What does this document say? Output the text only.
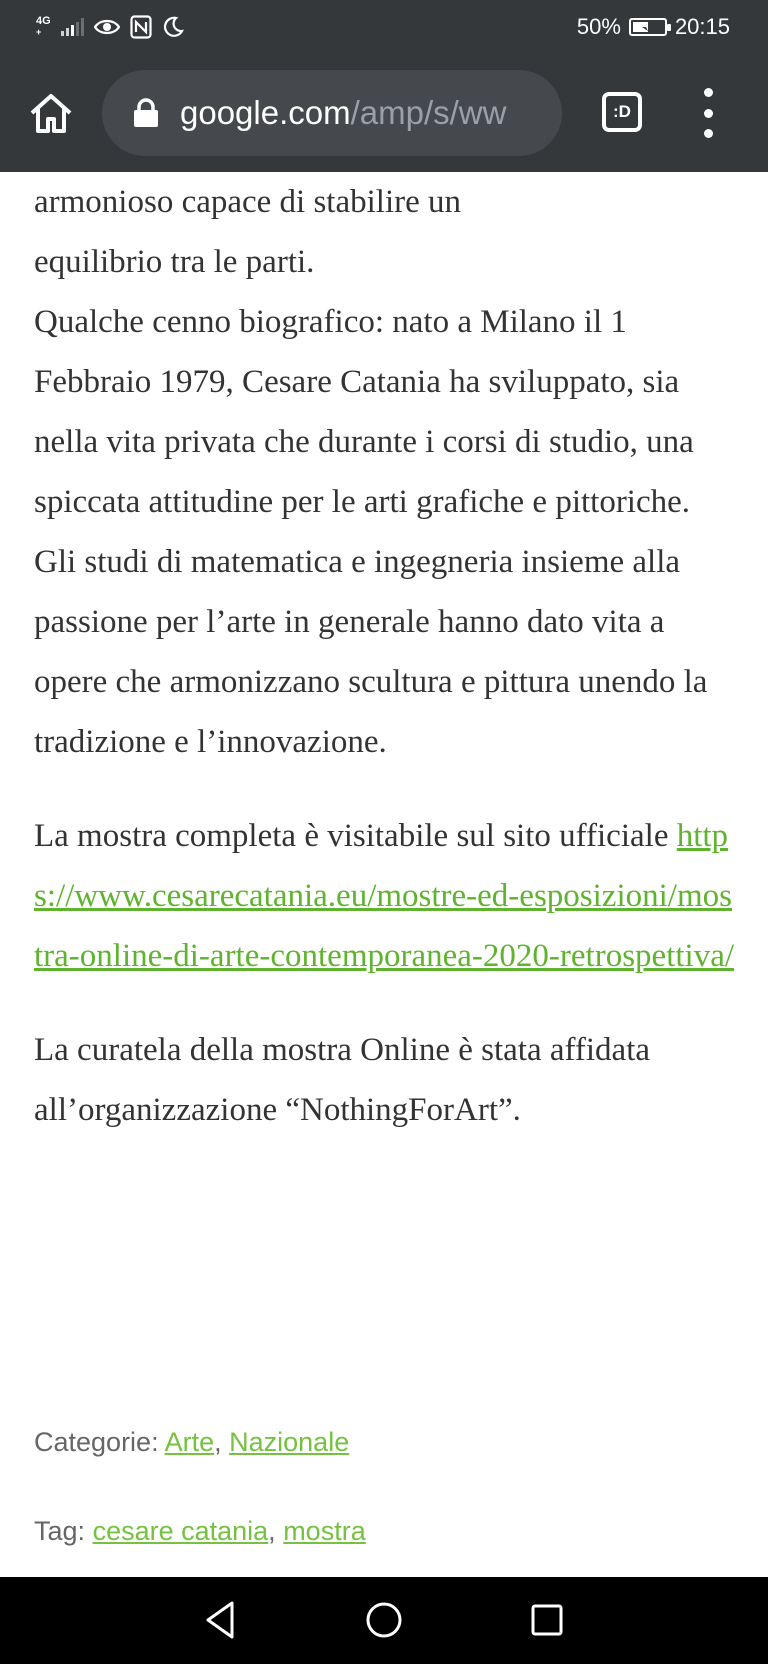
4G
+	50% 20:15
google.com/amp/s/ww	:D

armonioso capace di stabilire un
equilibrio tra le parti.

Qualche cenno biografico: nato a Milano il 1 Febbraio 1979, Cesare Catania ha sviluppato, sia nella vita privata che durante i corsi di studio, una spiccata attitudine per le arti grafiche e pittoriche. Gli studi di matematica e ingegneria insieme alla passione per l’arte in generale hanno dato vita a opere che armonizzano scultura e pittura unendo la tradizione e l’innovazione.

La mostra completa è visitabile sul sito ufficiale https://www.cesarecatania.eu/mostre-ed-esposizioni/mostra-online-di-arte-contemporanea-2020-retrospettiva/

La curatela della mostra Online è stata affidata all’organizzazione “NothingForArt”.

Categorie: Arte, Nazionale
Tag: cesare catania, mostra
